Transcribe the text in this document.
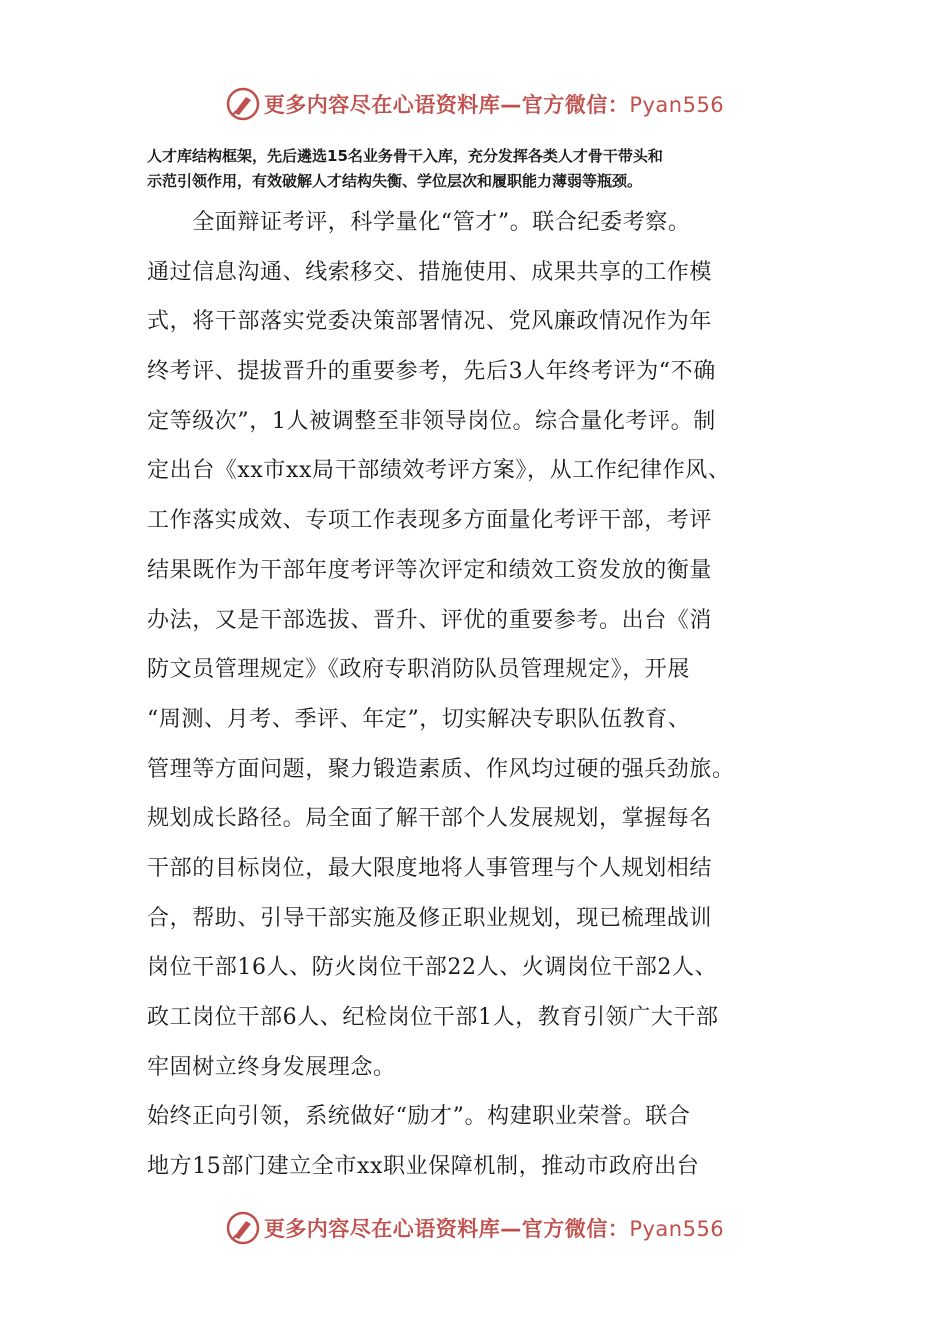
更多内容尽在心语资料库—官方微信：Pyan556
人才库结构框架，先后遴选15名业务骨干入库，充分发挥各类人才骨干带头和
示范引领作用，有效破解人才结构失衡、学位层次和履职能力薄弱等瓶颈。
　　全面辩证考评，科学量化“管才”。联合纪委考察。
通过信息沟通、线索移交、措施使用、成果共享的工作模
式，将干部落实党委决策部署情况、党风廉政情况作为年
终考评、提拔晋升的重要参考，先后3人年终考评为“不确
定等级次”，1人被调整至非领导岗位。综合量化考评。制
定出台《xx市xx局干部绩效考评方案》，从工作纪律作风、
工作落实成效、专项工作表现多方面量化考评干部，考评
结果既作为干部年度考评等次评定和绩效工资发放的衡量
办法，又是干部选拔、晋升、评优的重要参考。出台《消
防文员管理规定》《政府专职消防队员管理规定》，开展
“周测、月考、季评、年定”，切实解决专职队伍教育、
管理等方面问题，聚力锻造素质、作风均过硬的强兵劲旅。
规划成长路径。局全面了解干部个人发展规划，掌握每名
干部的目标岗位，最大限度地将人事管理与个人规划相结
合，帮助、引导干部实施及修正职业规划，现已梳理战训
岗位干部16人、防火岗位干部22人、火调岗位干部2人、
政工岗位干部6人、纪检岗位干部1人，教育引领广大干部
牢固树立终身发展理念。
始终正向引领，系统做好“励才”。构建职业荣誉。联合
地方15部门建立全市xx职业保障机制，推动市政府出台
更多内容尽在心语资料库—官方微信：Pyan556
